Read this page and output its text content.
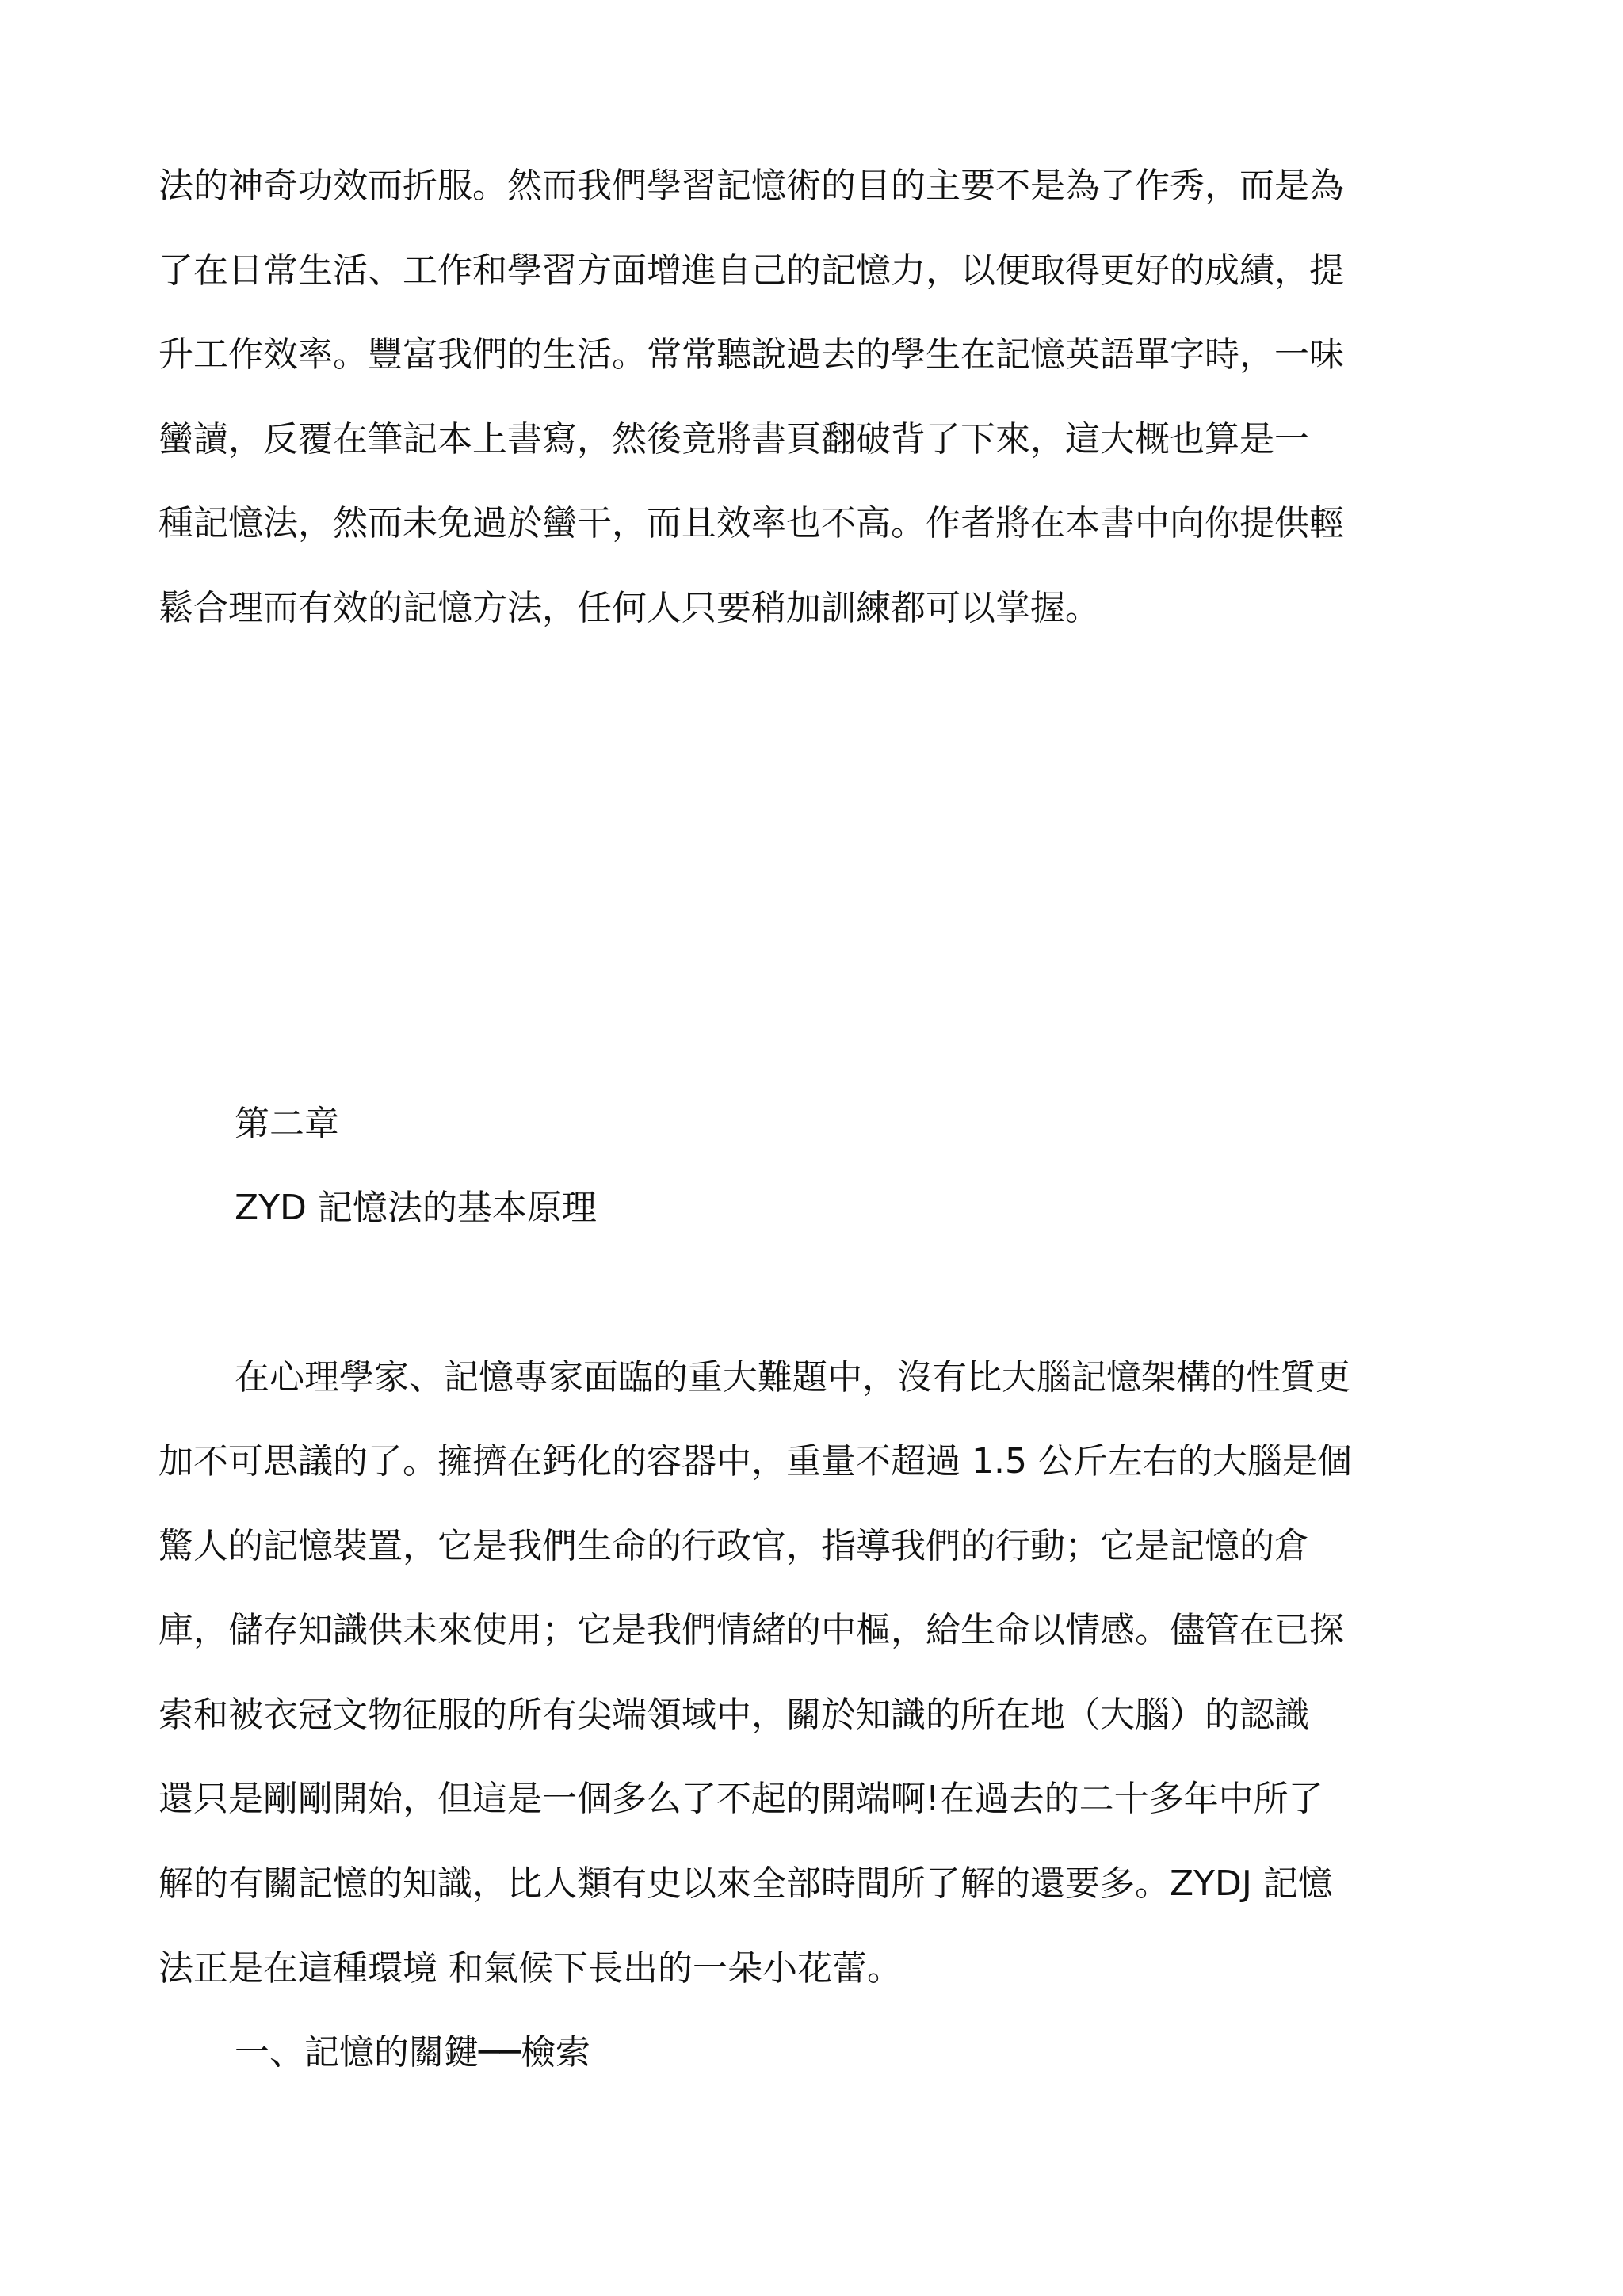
法的神奇功效而折服。然而我們學習記憶術的目的主要不是為了作秀，而是為
了在日常生活、工作和學習方面增進自己的記憶力，以便取得更好的成績，提
升工作效率。豐富我們的生活。常常聽說過去的學生在記憶英語單字時，一味
蠻讀，反覆在筆記本上書寫，然後竟將書頁翻破背了下來，這大概也算是一
種記憶法，然而未免過於蠻干，而且效率也不高。作者將在本書中向你提供輕
鬆合理而有效的記憶方法，任何人只要稍加訓練都可以掌握。
第二章
ZYD 記憶法的基本原理
在心理學家、記憶專家面臨的重大難題中，沒有比大腦記憶架構的性質更
加不可思議的了。擁擠在鈣化的容器中，重量不超過 1.5 公斤左右的大腦是個
驚人的記憶裝置，它是我們生命的行政官，指導我們的行動；它是記憶的倉
庫，儲存知識供未來使用；它是我們情緒的中樞，給生命以情感。儘管在已探
索和被衣冠文物征服的所有尖端領域中，關於知識的所在地（大腦）的認識
還只是剛剛開始，但這是一個多么了不起的開端啊!在過去的二十多年中所了
解的有關記憶的知識，比人類有史以來全部時間所了解的還要多。ZYDJ 記憶
法正是在這種環境 和氣候下長出的一朵小花蕾。
一、記憶的關鍵──檢索
